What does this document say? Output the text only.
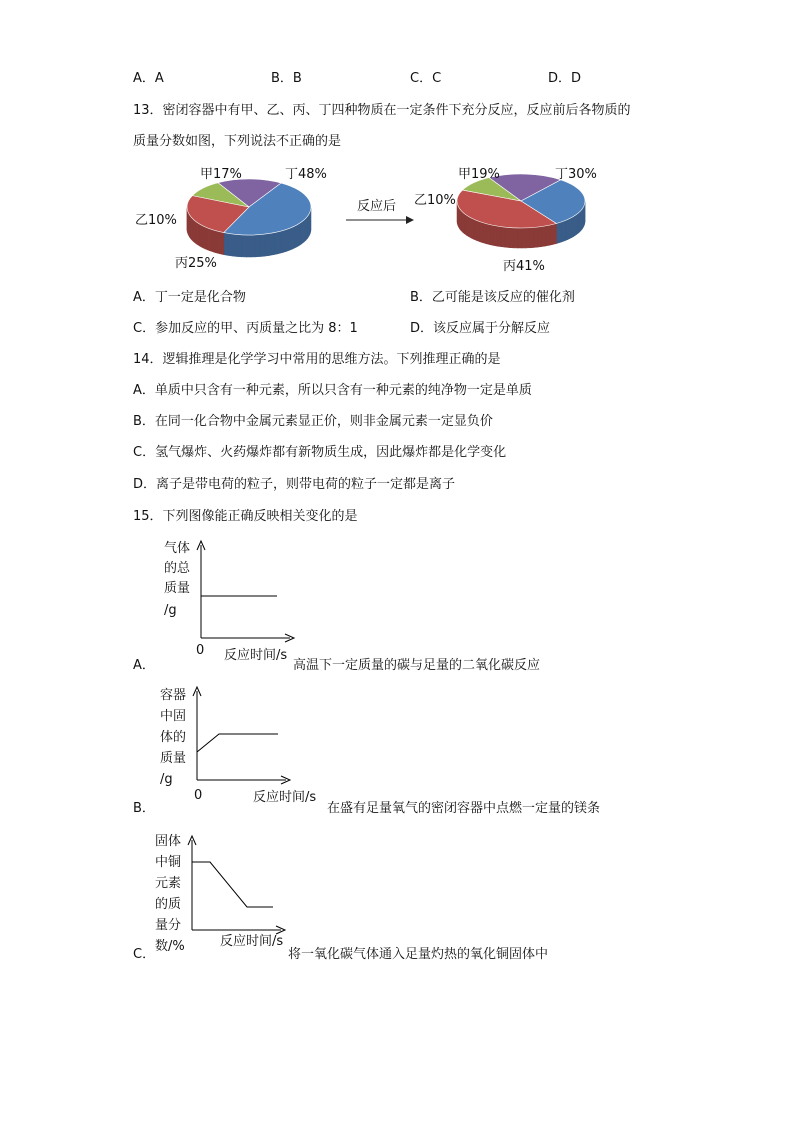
A．A	B．B	C．C	D．D
13．密闭容器中有甲、乙、丙、丁四种物质在一定条件下充分反应，反应前后各物质的
质量分数如图，下列说法不正确的是
甲17%	丁48%
丙25%
乙10%
反应后
甲19%	丁30%
丙41%
乙10%
A．丁一定是化合物	B．乙可能是该反应的催化剂
C．参加反应的甲、丙质量之比为 8：1	D．该反应属于分解反应
14．逻辑推理是化学学习中常用的思维方法。下列推理正确的是
A．单质中只含有一种元素，所以只含有一种元素的纯净物一定是单质
B．在同一化合物中金属元素显正价，则非金属元素一定显负价
C．氢气爆炸、火药爆炸都有新物质生成，因此爆炸都是化学变化
D．离子是带电荷的粒子，则带电荷的粒子一定都是离子
15．下列图像能正确反映相关变化的是
气体
的总
质量
/g
0 反应时间/s
A．	高温下一定质量的碳与足量的二氧化碳反应
容器
中固
体的
质量
/g
0	反应时间/s
B．	在盛有足量氧气的密闭容器中点燃一定量的镁条
固体
中铜
元素
的质
量分
数/%	反应时间/s
C．	将一氧化碳气体通入足量灼热的氧化铜固体中
